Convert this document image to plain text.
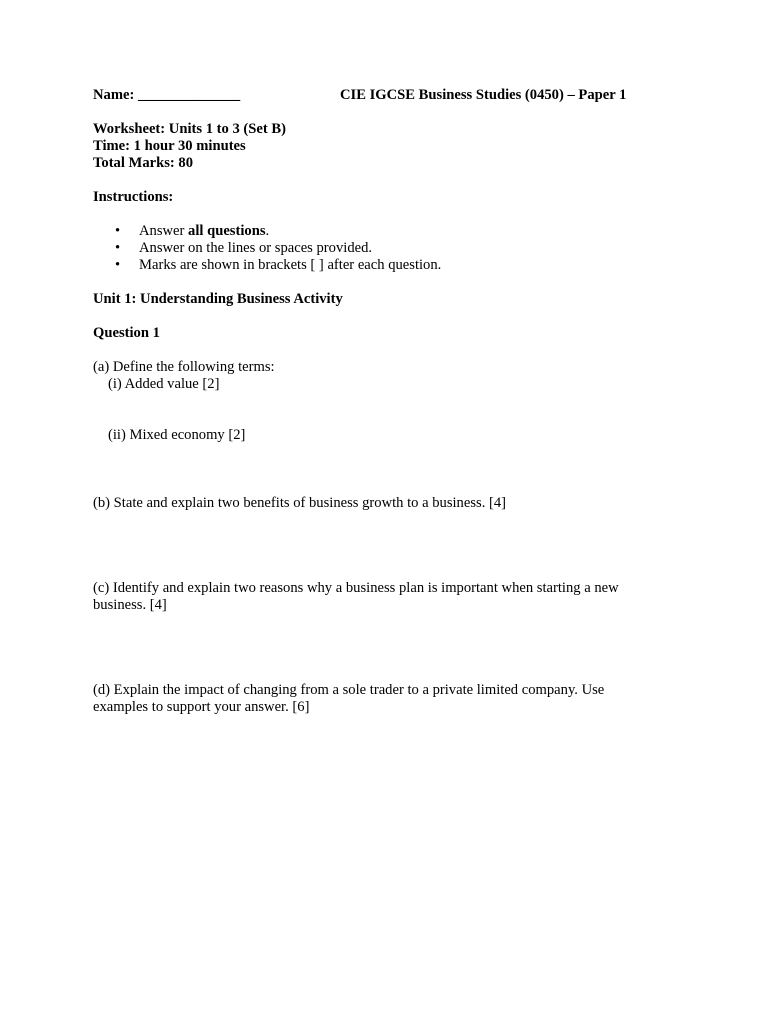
Name: ______________	CIE IGCSE Business Studies (0450) – Paper 1
Worksheet: Units 1 to 3 (Set B)
Time: 1 hour 30 minutes
Total Marks: 80
Instructions:
• Answer all questions.
• Answer on the lines or spaces provided.
• Marks are shown in brackets [ ] after each question.
Unit 1: Understanding Business Activity
Question 1
(a) Define the following terms:
(i) Added value [2]
(ii) Mixed economy [2]
(b) State and explain two benefits of business growth to a business. [4]
(c) Identify and explain two reasons why a business plan is important when starting a new
business. [4]
(d) Explain the impact of changing from a sole trader to a private limited company. Use
examples to support your answer. [6]
